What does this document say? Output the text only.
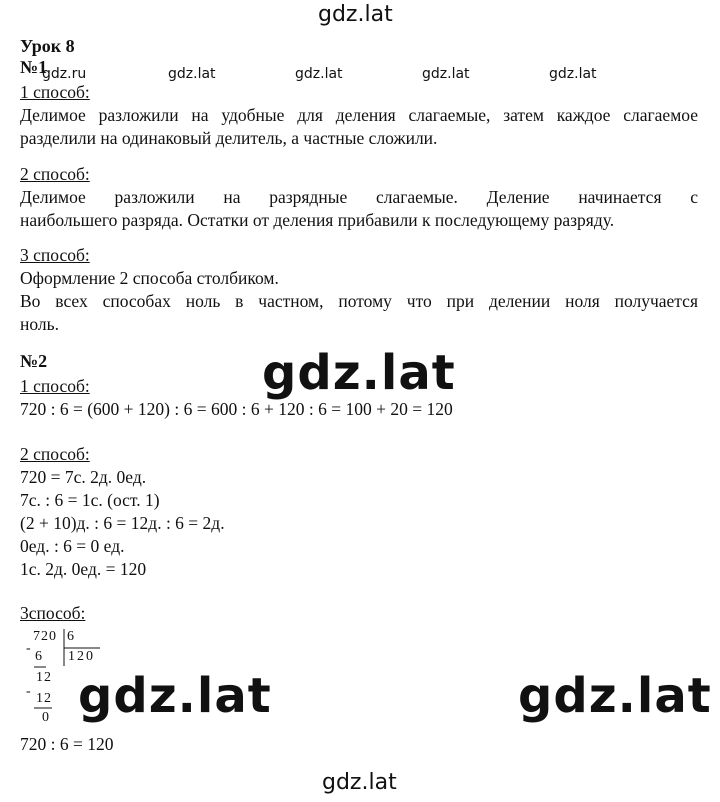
gdz.lat
gdz.lat
gdz.ru	gdz.lat	gdz.lat	gdz.lat	gdz.lat
gdz.lat
gdz.lat	gdz.lat
Урок 8
№1
1 способ:
Делимое разложили на удобные для деления слагаемые, затем каждое слагаемое
разделили на одинаковый делитель, а частные сложили.
2 способ:
Делимое разложили на разрядные слагаемые. Деление начинается с
наибольшего разряда. Остатки от деления прибавили к последующему разряду.
3 способ:
Оформление 2 способа столбиком.
Во всех способах ноль в частном, потому что при делении ноля получается
ноль.
№2
1 способ:
720 : 6 = (600 + 120) : 6 = 600 : 6 + 120 : 6 = 100 + 20 = 120
2 способ:
720 = 7с. 2д. 0ед.
7с. : 6 = 1с. (ост. 1)
(2 + 10)д. : 6 = 12д. : 6 = 2д.
0ед. : 6 = 0 ед.
1с. 2д. 0ед. = 120
3способ:
720 6
120
-
6
12
- 12
0
720 : 6 = 120
